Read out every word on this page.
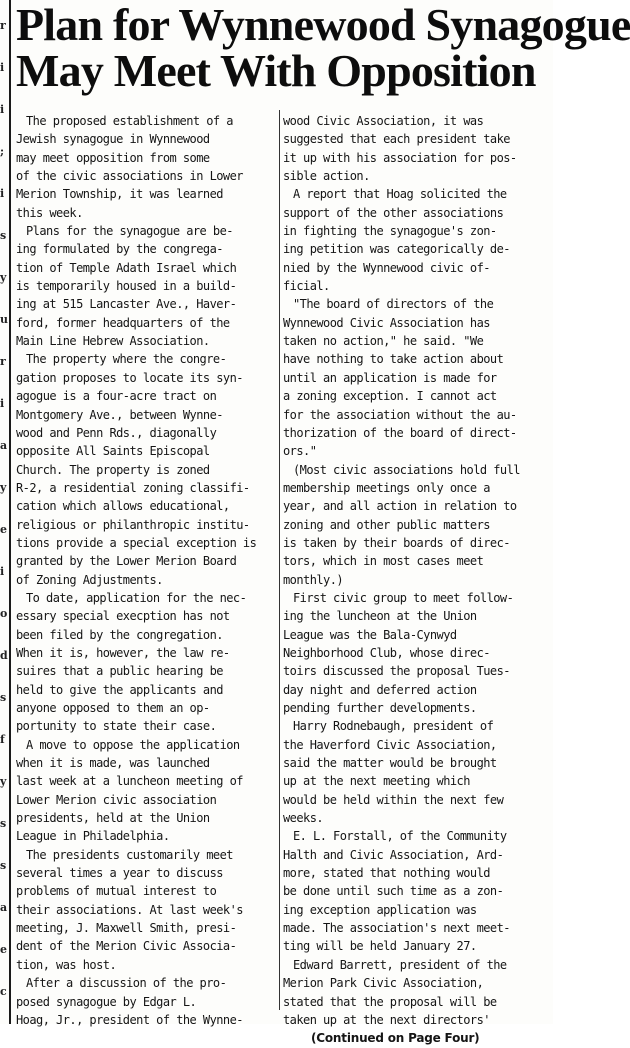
r
i
i
;
i
s
y
u
r
i
a
y
e
i
o
d
s
f
y
s
s
a
e
c
Plan for Wynnewood Synagogue
May Meet With Opposition
The proposed establishment of a
Jewish synagogue in Wynnewood
may meet opposition from some
of the civic associations in Lower
Merion Township, it was learned
this week.
Plans for the synagogue are be-
ing formulated by the congrega-
tion of Temple Adath Israel which
is temporarily housed in a build-
ing at 515 Lancaster Ave., Haver-
ford, former headquarters of the
Main Line Hebrew Association.
The property where the congre-
gation proposes to locate its syn-
agogue is a four-acre tract on
Montgomery Ave., between Wynne-
wood and Penn Rds., diagonally
opposite All Saints Episcopal
Church. The property is zoned
R-2, a residential zoning classifi-
cation which allows educational,
religious or philanthropic institu-
tions provide a special exception is
granted by the Lower Merion Board
of Zoning Adjustments.
To date, application for the nec-
essary special execption has not
been filed by the congregation.
When it is, however, the law re-
suires that a public hearing be
held to give the applicants and
anyone opposed to them an op-
portunity to state their case.
A move to oppose the application
when it is made, was launched
last week at a luncheon meeting of
Lower Merion civic association
presidents, held at the Union
League in Philadelphia.
The presidents customarily meet
several times a year to discuss
problems of mutual interest to
their associations. At last week's
meeting, J. Maxwell Smith, presi-
dent of the Merion Civic Associa-
tion, was host.
After a discussion of the pro-
posed synagogue by Edgar L.
Hoag, Jr., president of the Wynne-
wood Civic Association, it was
suggested that each president take
it up with his association for pos-
sible action.
A report that Hoag solicited the
support of the other associations
in fighting the synagogue's zon-
ing petition was categorically de-
nied by the Wynnewood civic of-
ficial.
"The board of directors of the
Wynnewood Civic Association has
taken no action," he said. "We
have nothing to take action about
until an application is made for
a zoning exception. I cannot act
for the association without the au-
thorization of the board of direct-
ors."
(Most civic associations hold full
membership meetings only once a
year, and all action in relation to
zoning and other public matters
is taken by their boards of direc-
tors, which in most cases meet
monthly.)
First civic group to meet follow-
ing the luncheon at the Union
League was the Bala-Cynwyd
Neighborhood Club, whose direc-
toirs discussed the proposal Tues-
day night and deferred action
pending further developments.
Harry Rodnebaugh, president of
the Haverford Civic Association,
said the matter would be brought
up at the next meeting which
would be held within the next few
weeks.
E. L. Forstall, of the Community
Halth and Civic Association, Ard-
more, stated that nothing would
be done until such time as a zon-
ing exception application was
made. The association's next meet-
ting will be held January 27.
Edward Barrett, president of the
Merion Park Civic Association,
stated that the proposal will be
taken up at the next directors'
(Continued on Page Four)
